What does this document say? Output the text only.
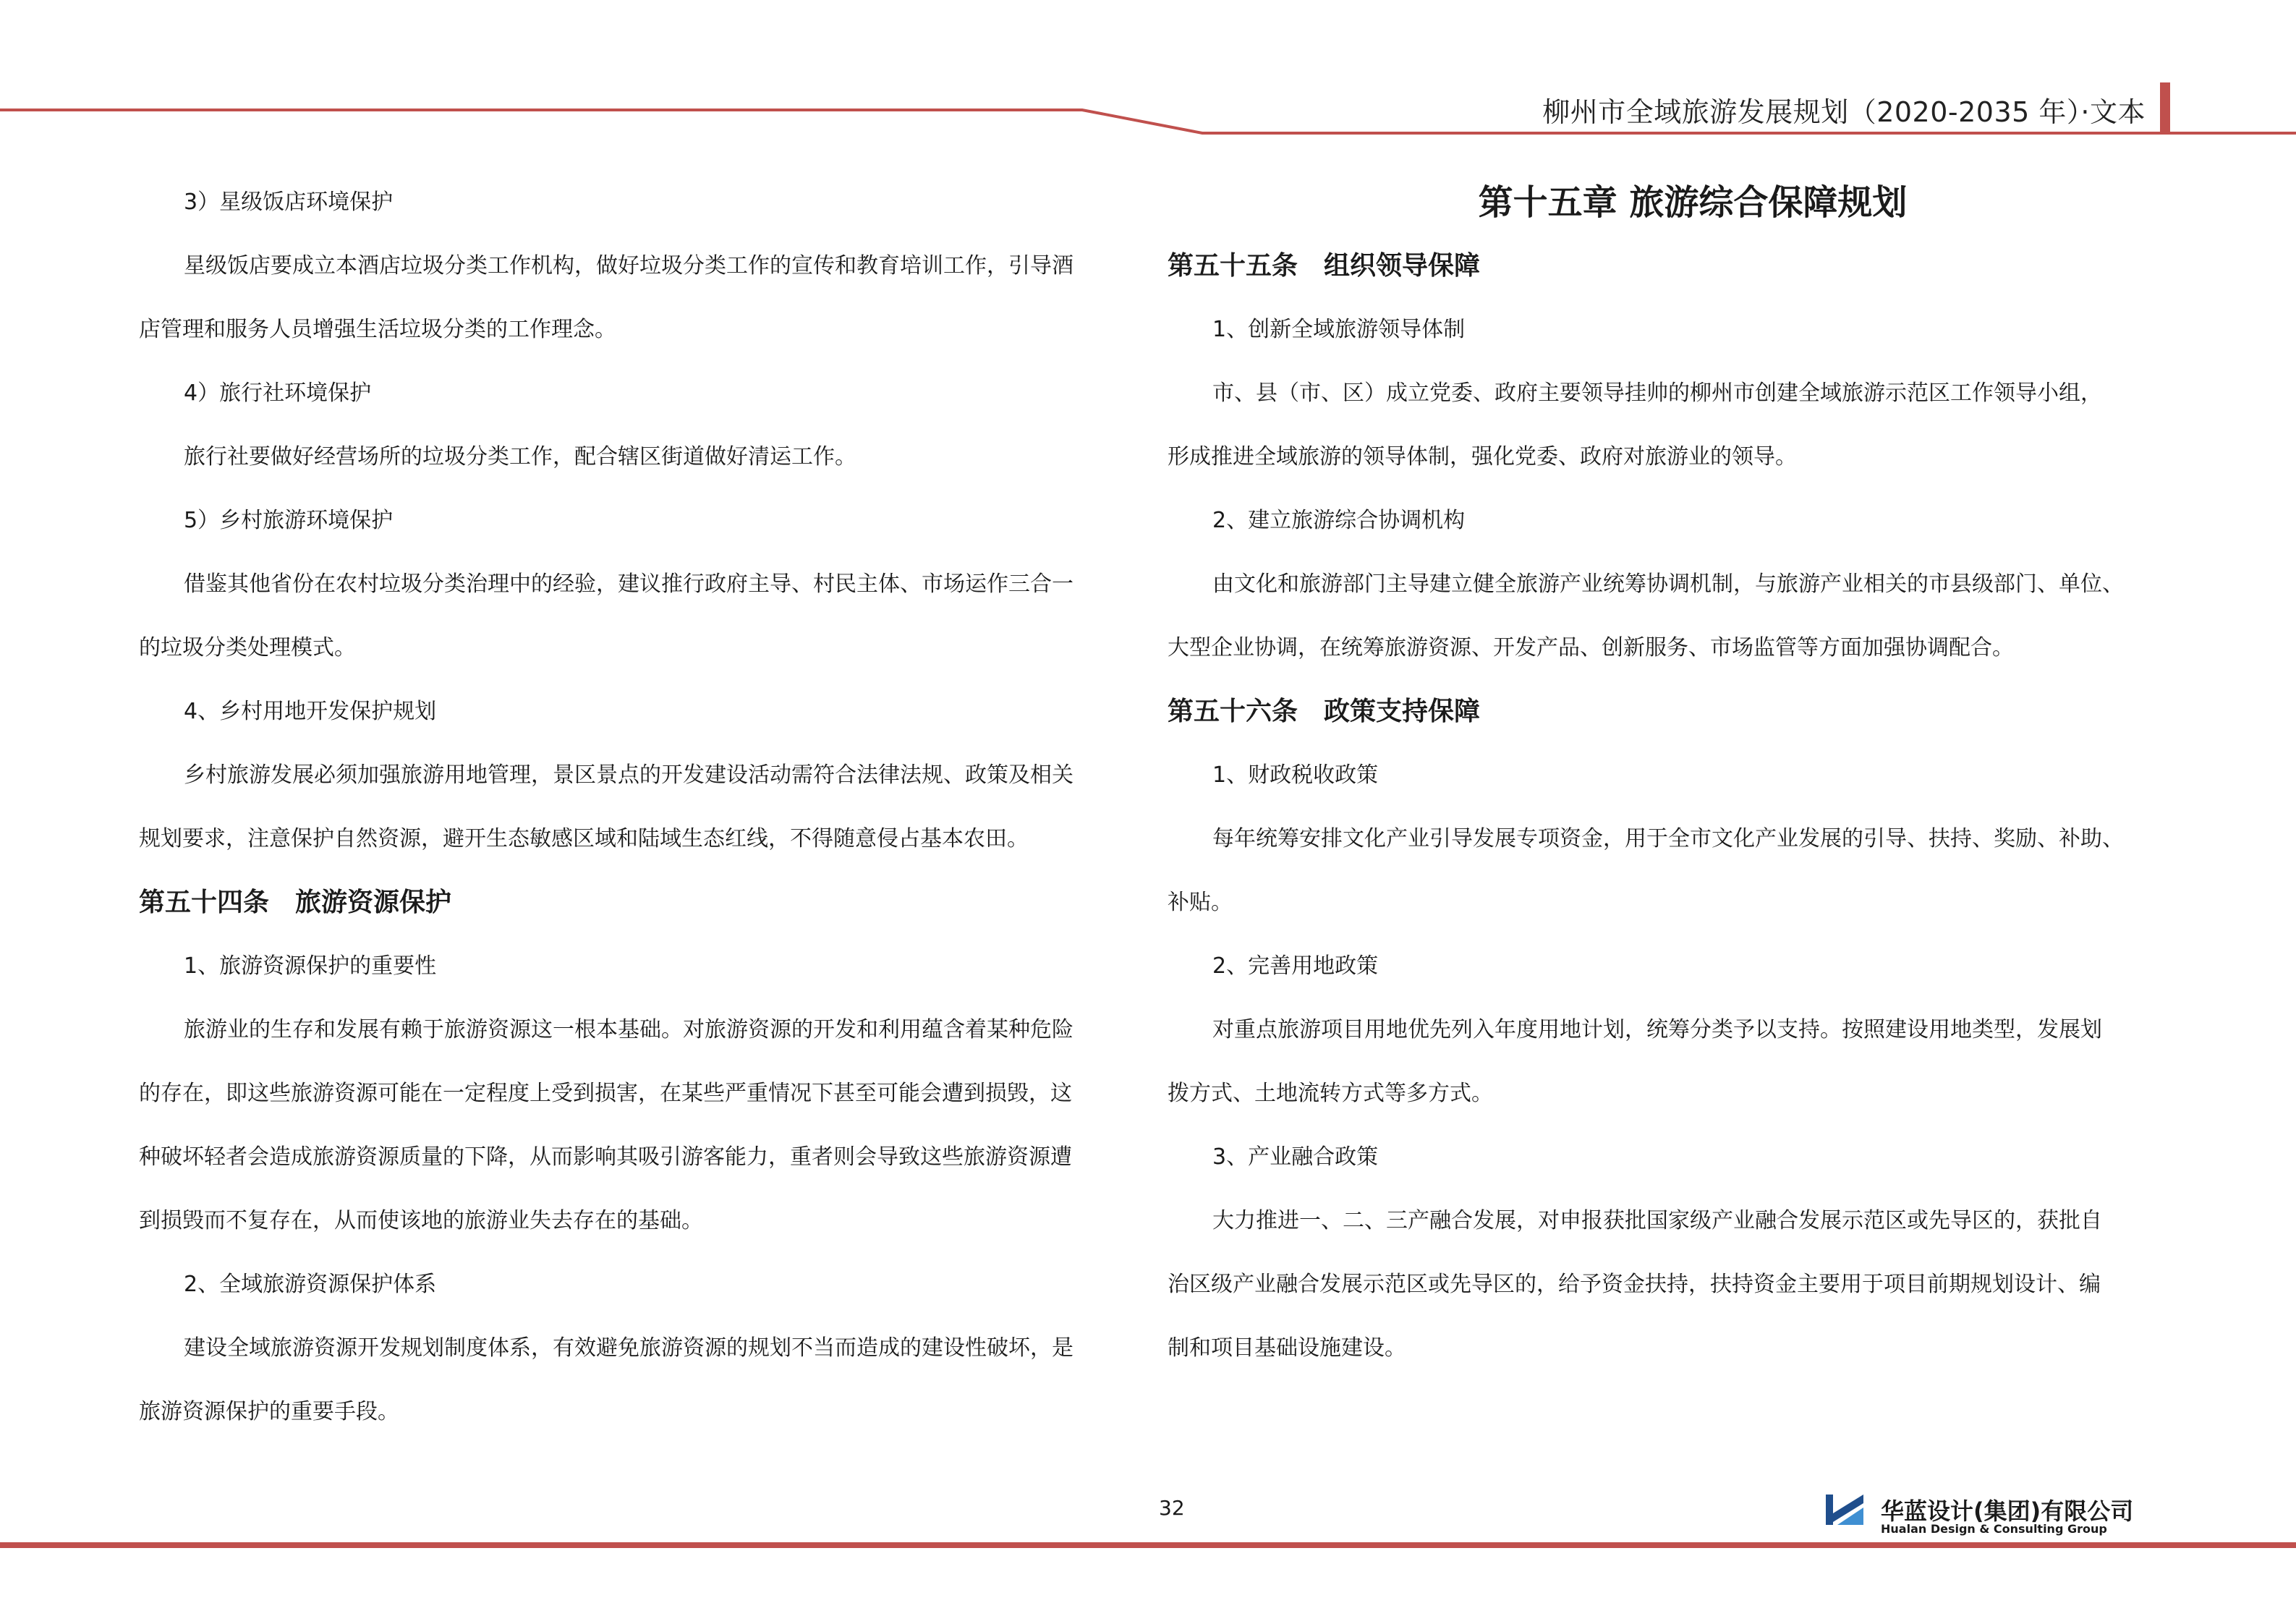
柳州市全域旅游发展规划（2020-2035 年）·文本

3）星级饭店环境保护

星级饭店要成立本酒店垃圾分类工作机构，做好垃圾分类工作的宣传和教育培训工作，引导酒

店管理和服务人员增强生活垃圾分类的工作理念。

4）旅行社环境保护

旅行社要做好经营场所的垃圾分类工作，配合辖区街道做好清运工作。

5）乡村旅游环境保护

借鉴其他省份在农村垃圾分类治理中的经验，建议推行政府主导、村民主体、市场运作三合一

的垃圾分类处理模式。

4、乡村用地开发保护规划

乡村旅游发展必须加强旅游用地管理，景区景点的开发建设活动需符合法律法规、政策及相关

规划要求，注意保护自然资源，避开生态敏感区域和陆域生态红线，不得随意侵占基本农田。

第五十四条　旅游资源保护

1、旅游资源保护的重要性

旅游业的生存和发展有赖于旅游资源这一根本基础。对旅游资源的开发和利用蕴含着某种危险

的存在，即这些旅游资源可能在一定程度上受到损害，在某些严重情况下甚至可能会遭到损毁，这

种破坏轻者会造成旅游资源质量的下降，从而影响其吸引游客能力，重者则会导致这些旅游资源遭

到损毁而不复存在，从而使该地的旅游业失去存在的基础。

2、全域旅游资源保护体系

建设全域旅游资源开发规划制度体系，有效避免旅游资源的规划不当而造成的建设性破坏，是

旅游资源保护的重要手段。

第十五章 旅游综合保障规划

第五十五条　组织领导保障

1、创新全域旅游领导体制

市、县（市、区）成立党委、政府主要领导挂帅的柳州市创建全域旅游示范区工作领导小组，

形成推进全域旅游的领导体制，强化党委、政府对旅游业的领导。

2、建立旅游综合协调机构

由文化和旅游部门主导建立健全旅游产业统筹协调机制，与旅游产业相关的市县级部门、单位、

大型企业协调，在统筹旅游资源、开发产品、创新服务、市场监管等方面加强协调配合。

第五十六条　政策支持保障

1、财政税收政策

每年统筹安排文化产业引导发展专项资金，用于全市文化产业发展的引导、扶持、奖励、补助、

补贴。

2、完善用地政策

对重点旅游项目用地优先列入年度用地计划，统筹分类予以支持。按照建设用地类型，发展划

拨方式、土地流转方式等多方式。

3、产业融合政策

大力推进一、二、三产融合发展，对申报获批国家级产业融合发展示范区或先导区的，获批自

治区级产业融合发展示范区或先导区的，给予资金扶持，扶持资金主要用于项目前期规划设计、编

制和项目基础设施建设。

32	华蓝设计(集团)有限公司
Hualan Design & Consulting Group
